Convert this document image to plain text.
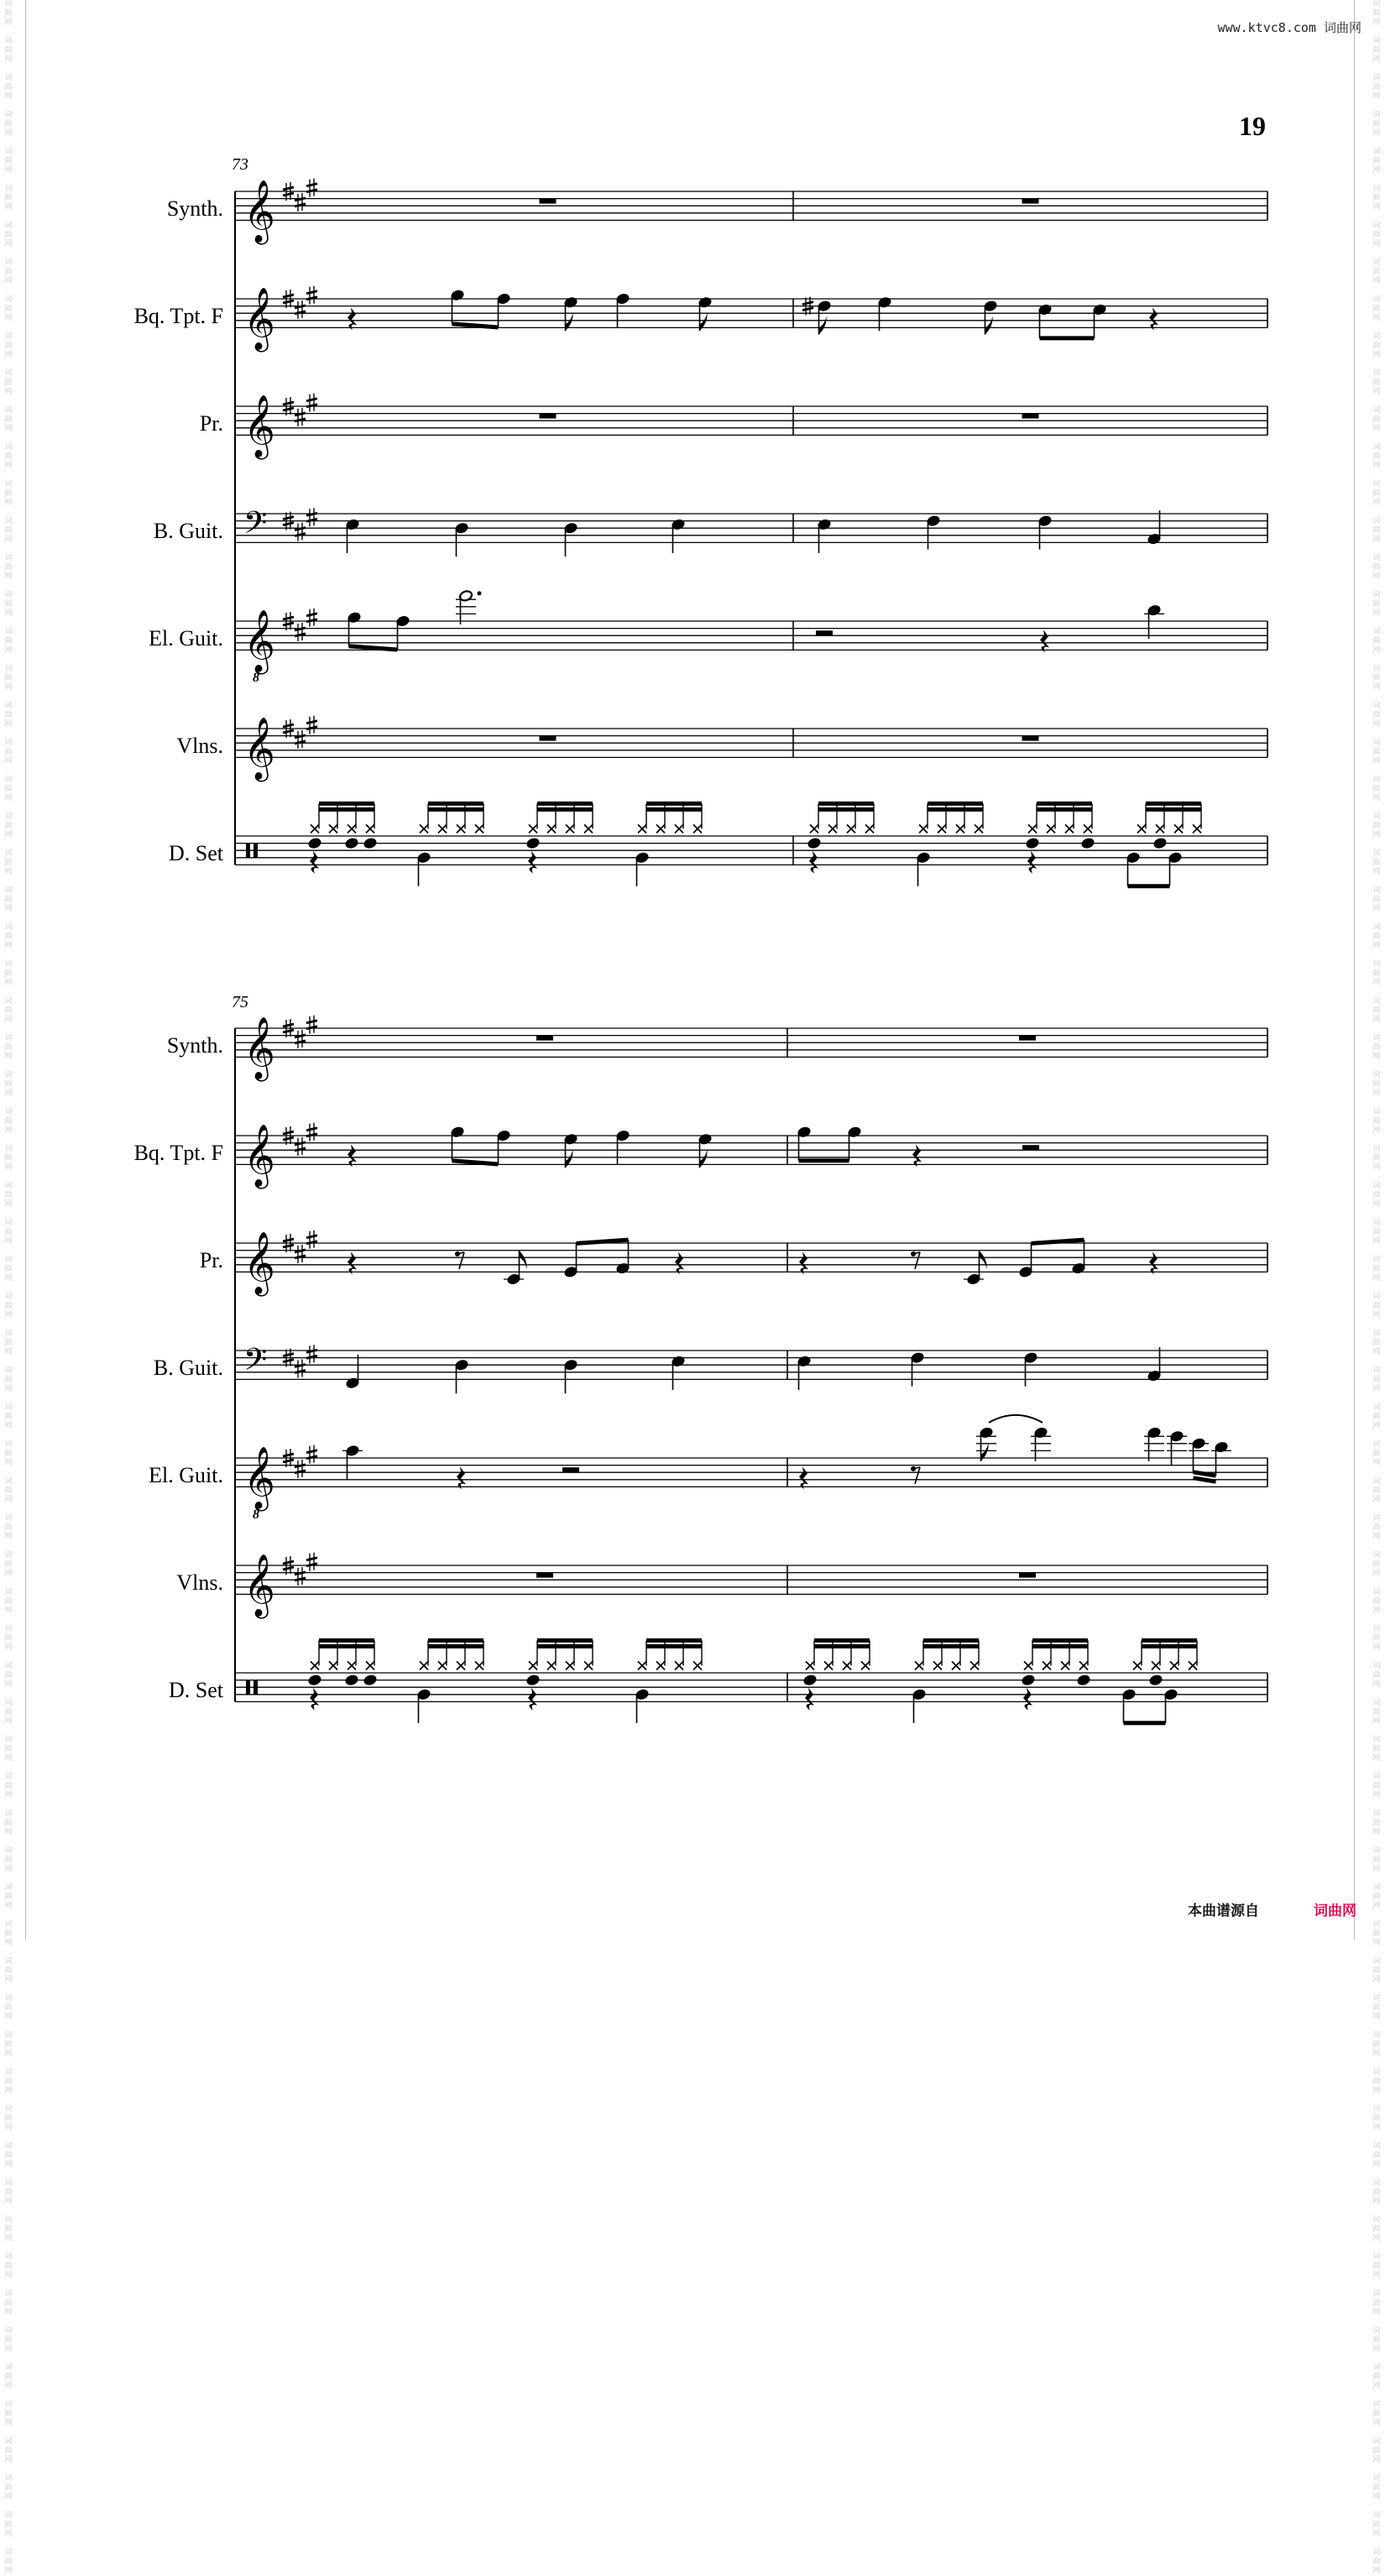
词
曲
网

词
曲
网

词
曲
网

词
曲
网

词
曲
网

词
曲
网

词
曲
网

词
曲
网

词
曲
网

词
曲
网

词
曲
网

词
曲
网

词
曲
网

词
曲
网

词
曲
网

词
曲
网

词
曲
网

词
曲
网

词
曲
网

词
曲
网

词
曲
网

词
曲
网

词
曲
网

词
曲
网

词
曲
网

词
曲
网

词
曲
网

词
曲
网

词
曲
网

词
曲
网

词
曲
网

词
曲
网

词
曲
网

词
曲
网

词
曲
网

词
曲
网

词
曲
网

词
曲
网

词
曲
网

词
曲
网

词
曲
网

词
曲
网

词
曲
网

词
曲
网

词
曲
网

词
曲
网

词
曲
网

词
曲
网

词
曲
网

词
曲
网

词
曲
网

词
曲
网

词
曲
网

词
曲
网

词
曲
网

词
曲
网

词
曲
网

词
曲
网

词
曲
网

词
曲
网

词
曲
网

词
曲
网

词
曲
网

词
曲
网

词
曲
网

词
曲
网

词
曲
网

词
曲
网

词
曲
网

词
曲
网

词
曲
网

词
曲
网

词
曲
网

词
曲
网

词
曲
网

词
曲
网

词
曲
网

词
曲
网

词
曲
网

词
曲
网

词
曲
网

词
曲
网

词
曲
网

词
曲
网

词
曲
网

词
曲
网

词
曲
网

词
曲
网

词
曲
网

词
曲
网

词
曲
网

词
曲
网

词
曲
网

词
曲
网

词
曲
网

词
曲
网

词
曲
网

词
曲
网

词
曲
网

词
曲
网

词
曲
网

词
曲
网

词
曲
网

词
曲
网

词
曲
网

词
曲
网

词
曲
网

词
曲
网

词
曲
网

词
曲
网

词
曲
网

词
曲
网

词
曲
网

词
曲
网

词
曲
网

词
曲
网

词
曲
网

词
曲
网

词
曲
网

词
曲
网

词
曲
网

词
曲
网

词
曲
网

词
曲
网

词
曲
网

词
曲
网

词
曲
网

词
曲
网

词
曲
网

词
曲
网

词
曲
网

词
曲
网

词
曲
网

词
曲
网

词
曲
网

词
曲
网

词
曲
网

词
曲
网

词
曲
网

词
曲
网

www.ktvc8.com 词曲网
19
73
75
𝄞
𝄞
𝄞
𝄢
𝄞
8
𝄞
𝄞
𝄞
𝄞
𝄢
𝄞
8
𝄞
本曲谱源自	词曲网
Synth.
Bq. Tpt. F
Pr.
B. Guit.
El. Guit.
Vlns.
D. Set
Synth.
Bq. Tpt. F
Pr.
B. Guit.
El. Guit.
Vlns.
D. Set
